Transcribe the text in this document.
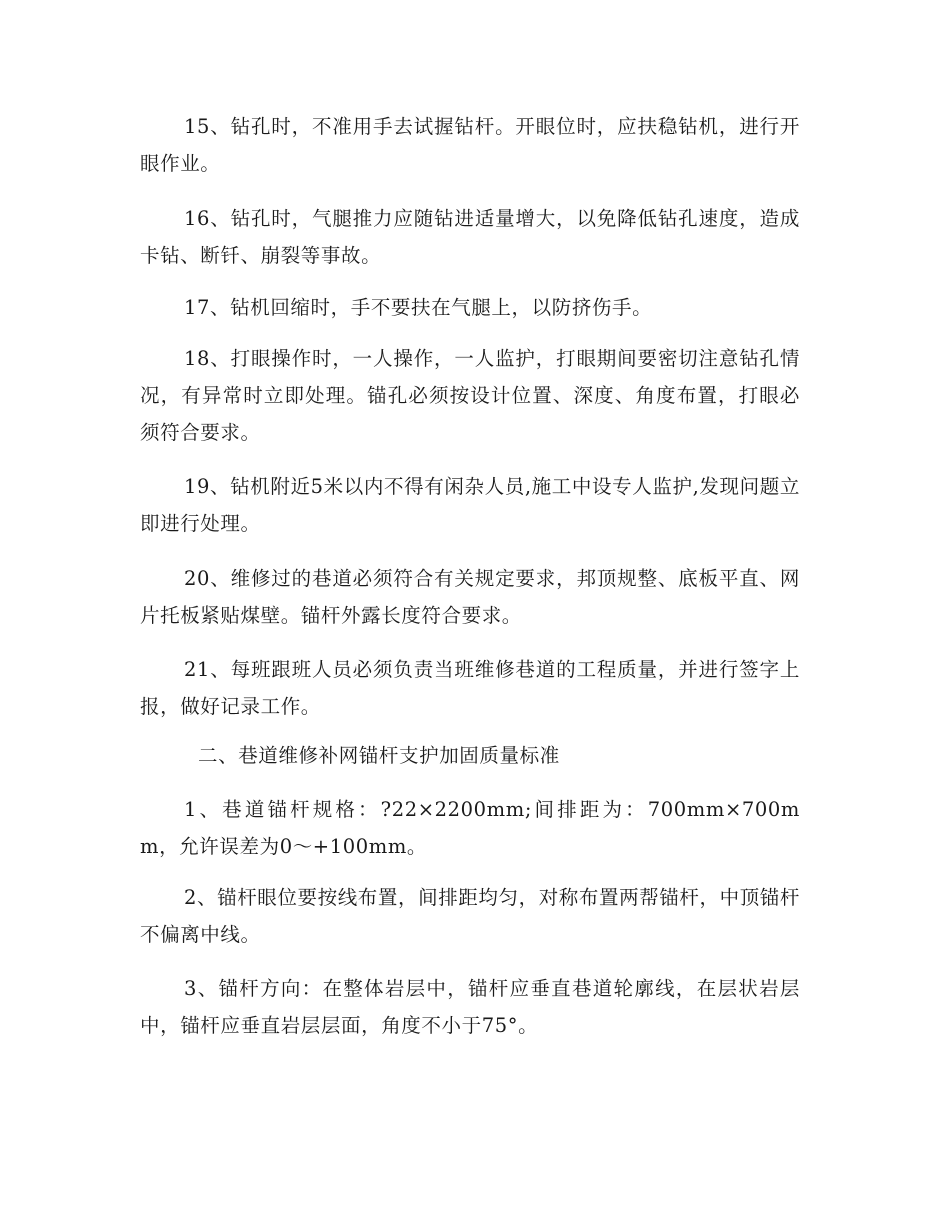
15、钻孔时，不准用手去试握钻杆。开眼位时，应扶稳钻机，进行开眼作业。

16、钻孔时，气腿推力应随钻进适量增大，以免降低钻孔速度，造成卡钻、断钎、崩裂等事故。

17、钻机回缩时，手不要扶在气腿上，以防挤伤手。

18、打眼操作时，一人操作，一人监护，打眼期间要密切注意钻孔情况，有异常时立即处理。锚孔必须按设计位置、深度、角度布置，打眼必须符合要求。

19、钻机附近5米以内不得有闲杂人员,施工中设专人监护,发现问题立即进行处理。

20、维修过的巷道必须符合有关规定要求，邦顶规整、底板平直、网片托板紧贴煤壁。锚杆外露长度符合要求。

21、每班跟班人员必须负责当班维修巷道的工程质量，并进行签字上报，做好记录工作。

二、巷道维修补网锚杆支护加固质量标准

1、巷道锚杆规格：?22×2200mm;间排距为：700mm×700mm，允许误差为0～+100mm。

2、锚杆眼位要按线布置，间排距均匀，对称布置两帮锚杆，中顶锚杆不偏离中线。

3、锚杆方向：在整体岩层中，锚杆应垂直巷道轮廓线，在层状岩层中，锚杆应垂直岩层层面，角度不小于75°。
